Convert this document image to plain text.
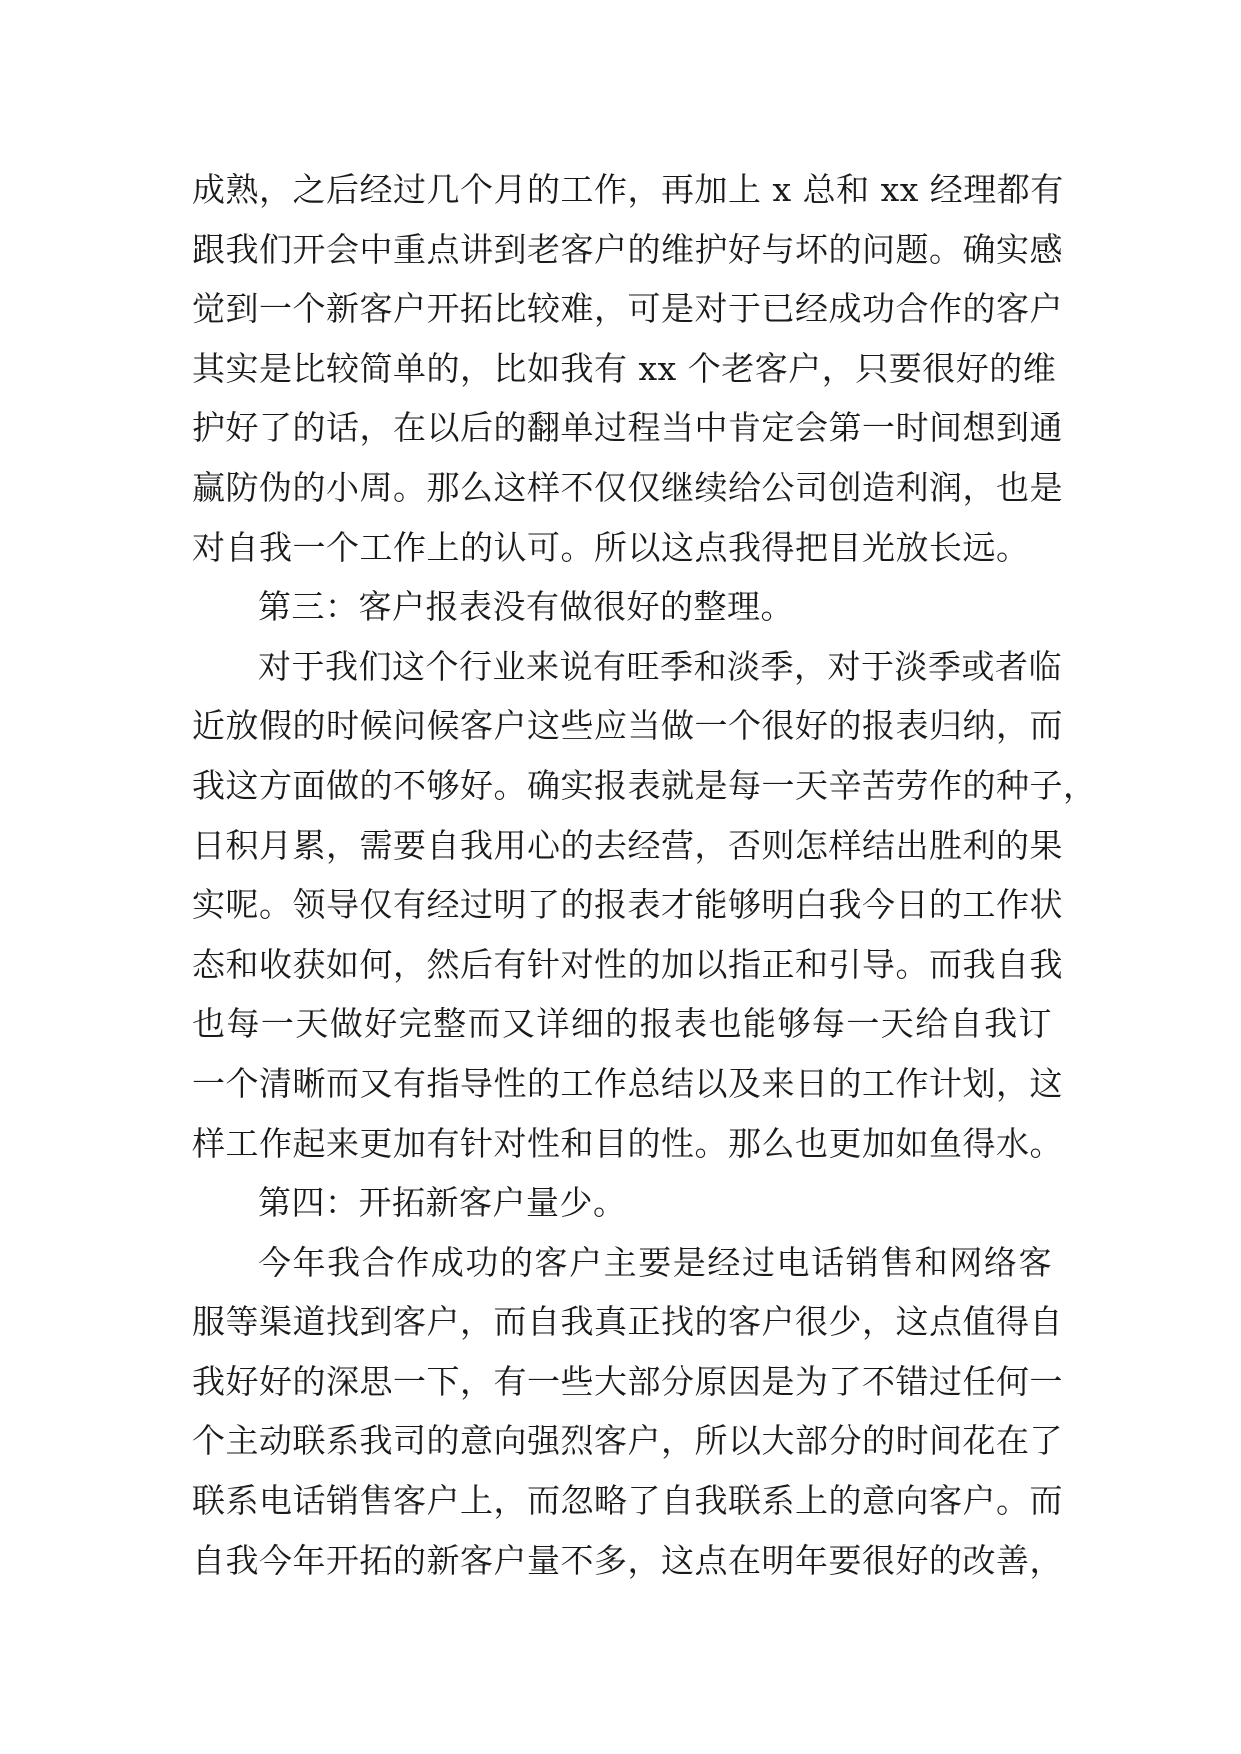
成熟，之后经过几个月的工作，再加上 x 总和 xx 经理都有
跟我们开会中重点讲到老客户的维护好与坏的问题。确实感
觉到一个新客户开拓比较难，可是对于已经成功合作的客户
其实是比较简单的，比如我有 xx 个老客户，只要很好的维
护好了的话，在以后的翻单过程当中肯定会第一时间想到通
赢防伪的小周。那么这样不仅仅继续给公司创造利润，也是
对自我一个工作上的认可。所以这点我得把目光放长远。
第三：客户报表没有做很好的整理。
对于我们这个行业来说有旺季和淡季，对于淡季或者临
近放假的时候问候客户这些应当做一个很好的报表归纳，而
我这方面做的不够好。确实报表就是每一天辛苦劳作的种子，
日积月累，需要自我用心的去经营，否则怎样结出胜利的果
实呢。领导仅有经过明了的报表才能够明白我今日的工作状
态和收获如何，然后有针对性的加以指正和引导。而我自我
也每一天做好完整而又详细的报表也能够每一天给自我订
一个清晰而又有指导性的工作总结以及来日的工作计划，这
样工作起来更加有针对性和目的性。那么也更加如鱼得水。
第四：开拓新客户量少。
今年我合作成功的客户主要是经过电话销售和网络客
服等渠道找到客户，而自我真正找的客户很少，这点值得自
我好好的深思一下，有一些大部分原因是为了不错过任何一
个主动联系我司的意向强烈客户，所以大部分的时间花在了
联系电话销售客户上，而忽略了自我联系上的意向客户。而
自我今年开拓的新客户量不多，这点在明年要很好的改善，
